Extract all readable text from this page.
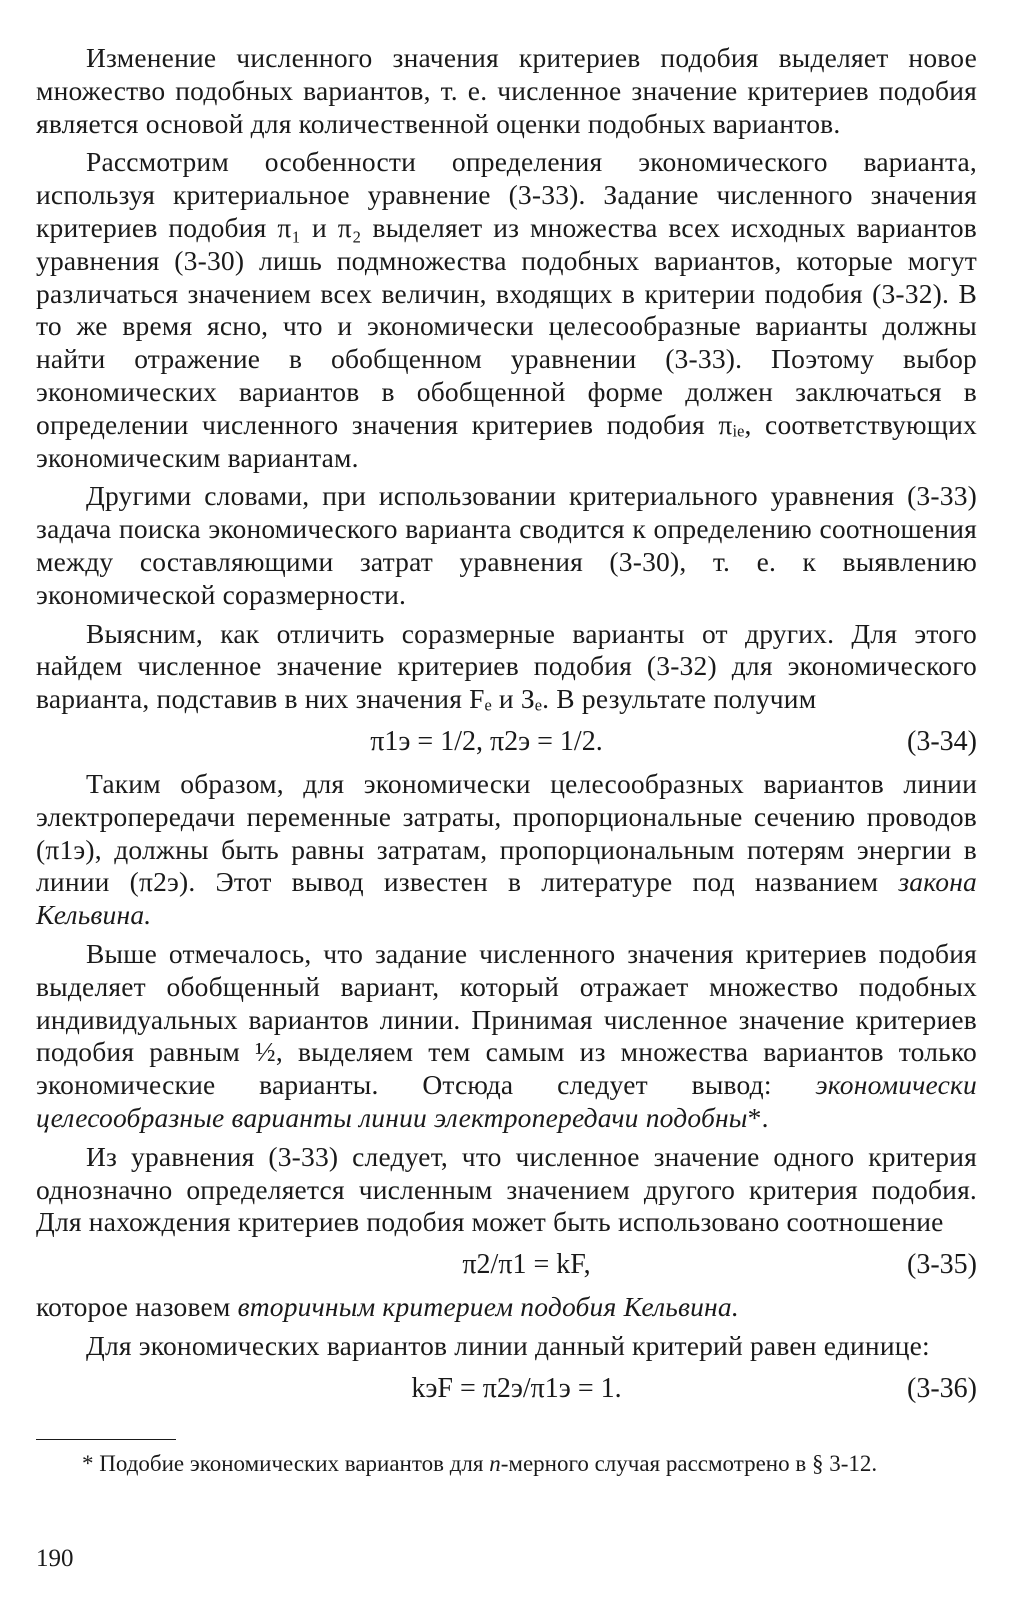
Изменение численного значения критериев подобия выделяет новое множество подобных вариантов, т. е. численное значение критериев подобия является основой для количественной оценки подобных вариантов.

Рассмотрим особенности определения экономического варианта, используя критериальное уравнение (3-33). Задание численного значения критериев подобия π₁ и π₂ выделяет из множества всех исходных вариантов уравнения (3-30) лишь подмножества подобных вариантов, которые могут различаться значением всех величин, входящих в критерии подобия (3-32). В то же время ясно, что и экономически целесообразные варианты должны найти отражение в обобщенном уравнении (3-33). Поэтому выбор экономических вариантов в обобщенной форме должен заключаться в определении численного значения критериев подобия πᵢₑ, соответствующих экономическим вариантам.

Другими словами, при использовании критериального уравнения (3-33) задача поиска экономического варианта сводится к определению соотношения между составляющими затрат уравнения (3-30), т. е. к выявлению экономической соразмерности.

Выясним, как отличить соразмерные варианты от других. Для этого найдем численное значение критериев подобия (3-32) для экономического варианта, подставив в них значения Fₑ и Зₑ. В результате получим

π1э = 1/2, π2э = 1/2.	(3-34)

Таким образом, для экономически целесообразных вариантов линии электропередачи переменные затраты, пропорциональные сечению проводов (π1э), должны быть равны затратам, пропорциональным потерям энергии в линии (π2э). Этот вывод известен в литературе под названием закона Кельвина.

Выше отмечалось, что задание численного значения критериев подобия выделяет обобщенный вариант, который отражает множество подобных индивидуальных вариантов линии. Принимая численное значение критериев подобия равным ½, выделяем тем самым из множества вариантов только экономические варианты. Отсюда следует вывод: экономически целесообразные варианты линии электропередачи подобны*.

Из уравнения (3-33) следует, что численное значение одного критерия однозначно определяется численным значением другого критерия подобия. Для нахождения критериев подобия может быть использовано соотношение

π2/π1 = kF,	(3-35)

которое назовем вторичным критерием подобия Кельвина.

Для экономических вариантов линии данный критерий равен единице:

kэF = π2э/π1э = 1.	(3-36)

* Подобие экономических вариантов для n-мерного случая рассмотрено в § 3-12.

190
